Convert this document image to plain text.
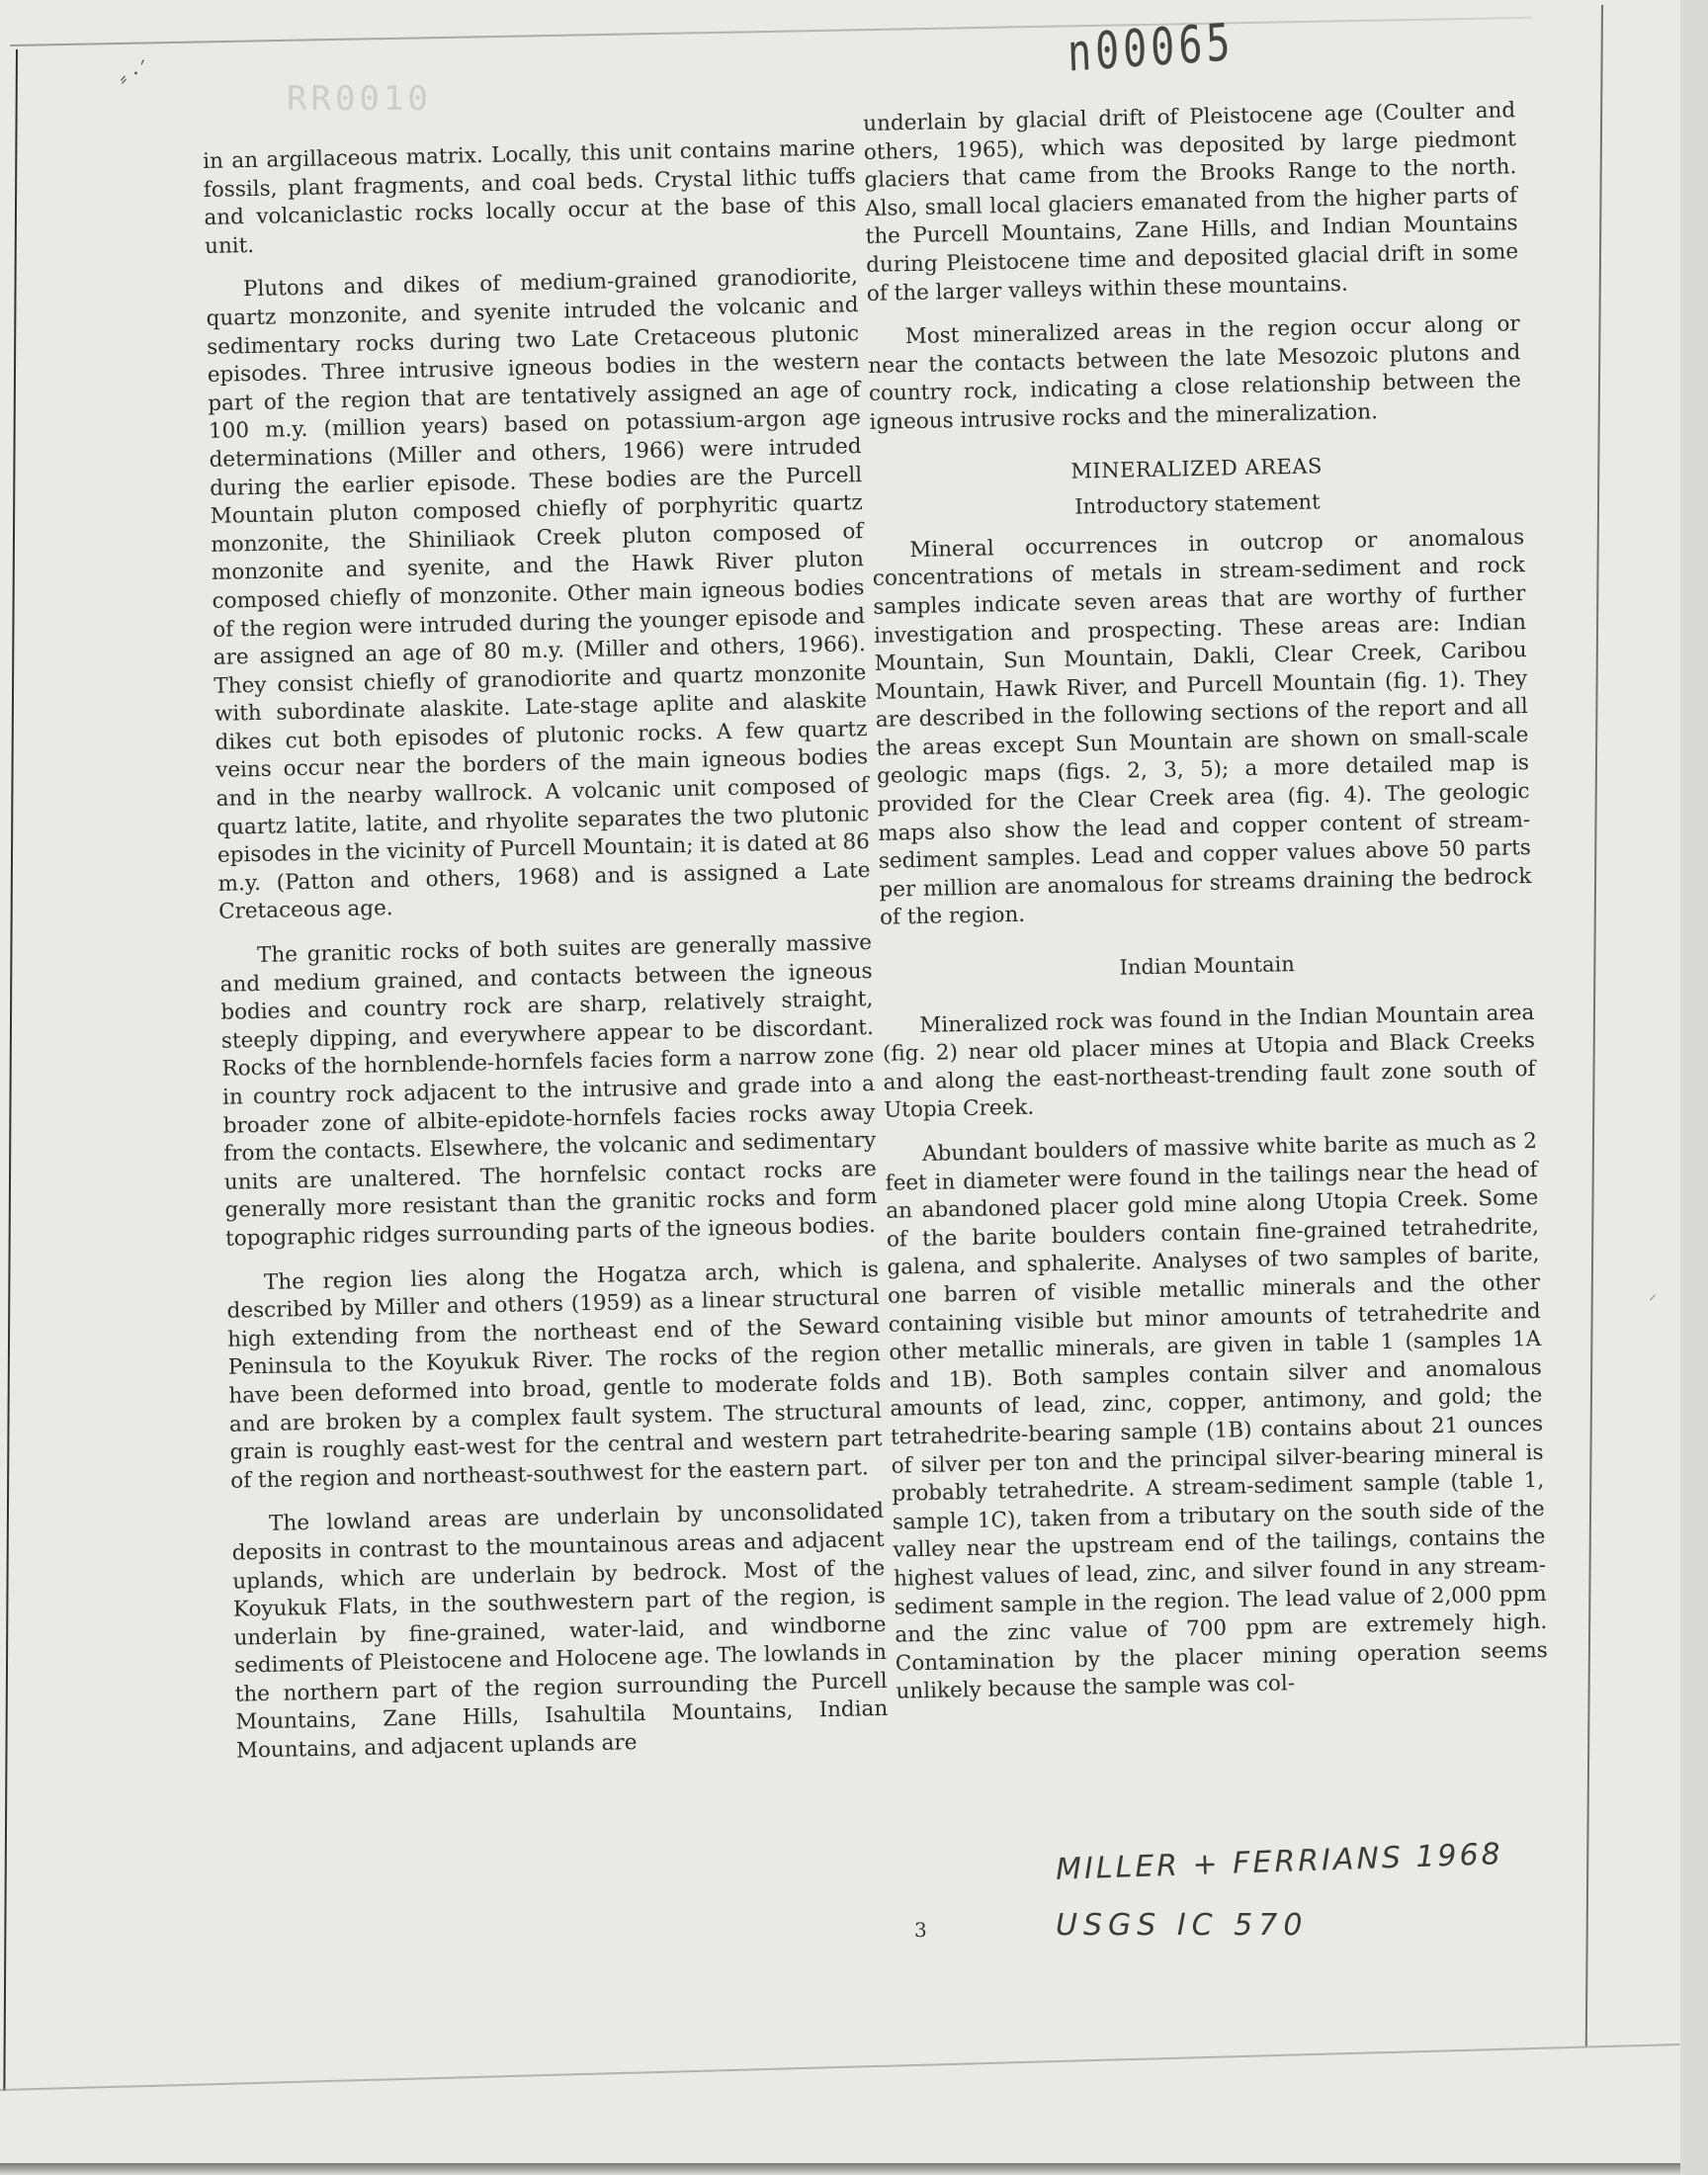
⸗ ·´
RR0010
n00065

in an argillaceous matrix. Locally, this unit contains marine fossils, plant fragments, and coal beds. Crystal lithic tuffs and volcaniclastic rocks locally occur at the base of this unit.

Plutons and dikes of medium-grained granodiorite, quartz monzonite, and syenite intruded the volcanic and sedimentary rocks during two Late Cretaceous plutonic episodes. Three intrusive igneous bodies in the western part of the region that are tentatively assigned an age of 100 m.y. (million years) based on potassium-argon age determinations (Miller and others, 1966) were intruded during the earlier episode. These bodies are the Purcell Mountain pluton composed chiefly of porphyritic quartz monzonite, the Shiniliaok Creek pluton composed of monzonite and syenite, and the Hawk River pluton composed chiefly of monzonite. Other main igneous bodies of the region were intruded during the younger episode and are assigned an age of 80 m.y. (Miller and others, 1966). They consist chiefly of granodiorite and quartz monzonite with subordinate alaskite. Late-stage aplite and alaskite dikes cut both episodes of plutonic rocks. A few quartz veins occur near the borders of the main igneous bodies and in the nearby wallrock. A volcanic unit composed of quartz latite, latite, and rhyolite separates the two plutonic episodes in the vicinity of Purcell Mountain; it is dated at 86 m.y. (Patton and others, 1968) and is assigned a Late Cretaceous age.

The granitic rocks of both suites are generally massive and medium grained, and contacts between the igneous bodies and country rock are sharp, relatively straight, steeply dipping, and everywhere appear to be discordant. Rocks of the hornblende-hornfels facies form a narrow zone in country rock adjacent to the intrusive and grade into a broader zone of albite-epidote-hornfels facies rocks away from the contacts. Elsewhere, the volcanic and sedimentary units are unaltered. The hornfelsic contact rocks are generally more resistant than the granitic rocks and form topographic ridges surrounding parts of the igneous bodies.

The region lies along the Hogatza arch, which is described by Miller and others (1959) as a linear structural high extending from the northeast end of the Seward Peninsula to the Koyukuk River. The rocks of the region have been deformed into broad, gentle to moderate folds and are broken by a complex fault system. The structural grain is roughly east-west for the central and western part of the region and northeast-southwest for the eastern part.

The lowland areas are underlain by unconsolidated deposits in contrast to the mountainous areas and adjacent uplands, which are underlain by bedrock. Most of the Koyukuk Flats, in the southwestern part of the region, is underlain by fine-grained, water-laid, and windborne sediments of Pleistocene and Holocene age. The lowlands in the northern part of the region surrounding the Purcell Mountains, Zane Hills, Isahultila Mountains, Indian Mountains, and adjacent uplands are

underlain by glacial drift of Pleistocene age (Coulter and others, 1965), which was deposited by large piedmont glaciers that came from the Brooks Range to the north. Also, small local glaciers emanated from the higher parts of the Purcell Mountains, Zane Hills, and Indian Mountains during Pleistocene time and deposited glacial drift in some of the larger valleys within these mountains.

Most mineralized areas in the region occur along or near the contacts between the late Mesozoic plutons and country rock, indicating a close relationship between the igneous intrusive rocks and the mineralization.

MINERALIZED AREAS
Introductory statement

Mineral occurrences in outcrop or anomalous concentrations of metals in stream-sediment and rock samples indicate seven areas that are worthy of further investigation and prospecting. These areas are: Indian Mountain, Sun Mountain, Dakli, Clear Creek, Caribou Mountain, Hawk River, and Purcell Mountain (fig. 1). They are described in the following sections of the report and all the areas except Sun Mountain are shown on small-scale geologic maps (figs. 2, 3, 5); a more detailed map is provided for the Clear Creek area (fig. 4). The geologic maps also show the lead and copper content of stream-sediment samples. Lead and copper values above 50 parts per million are anomalous for streams draining the bedrock of the region.

Indian Mountain

Mineralized rock was found in the Indian Mountain area (fig. 2) near old placer mines at Utopia and Black Creeks and along the east-northeast-trending fault zone south of Utopia Creek.

Abundant boulders of massive white barite as much as 2 feet in diameter were found in the tailings near the head of an abandoned placer gold mine along Utopia Creek. Some of the barite boulders contain fine-grained tetrahedrite, galena, and sphalerite. Analyses of two samples of barite, one barren of visible metallic minerals and the other containing visible but minor amounts of tetrahedrite and other metallic minerals, are given in table 1 (samples 1A and 1B). Both samples contain silver and anomalous amounts of lead, zinc, copper, antimony, and gold; the tetrahedrite-bearing sample (1B) contains about 21 ounces of silver per ton and the principal silver-bearing mineral is probably tetrahedrite. A stream-sediment sample (table 1, sample 1C), taken from a tributary on the south side of the valley near the upstream end of the tailings, contains the highest values of lead, zinc, and silver found in any stream-sediment sample in the region. The lead value of 2,000 ppm and the zinc value of 700 ppm are extremely high. Contamination by the placer mining operation seems unlikely because the sample was col-

⸝
3
MILLER + FERRIANS 1968
USGS IC 570
